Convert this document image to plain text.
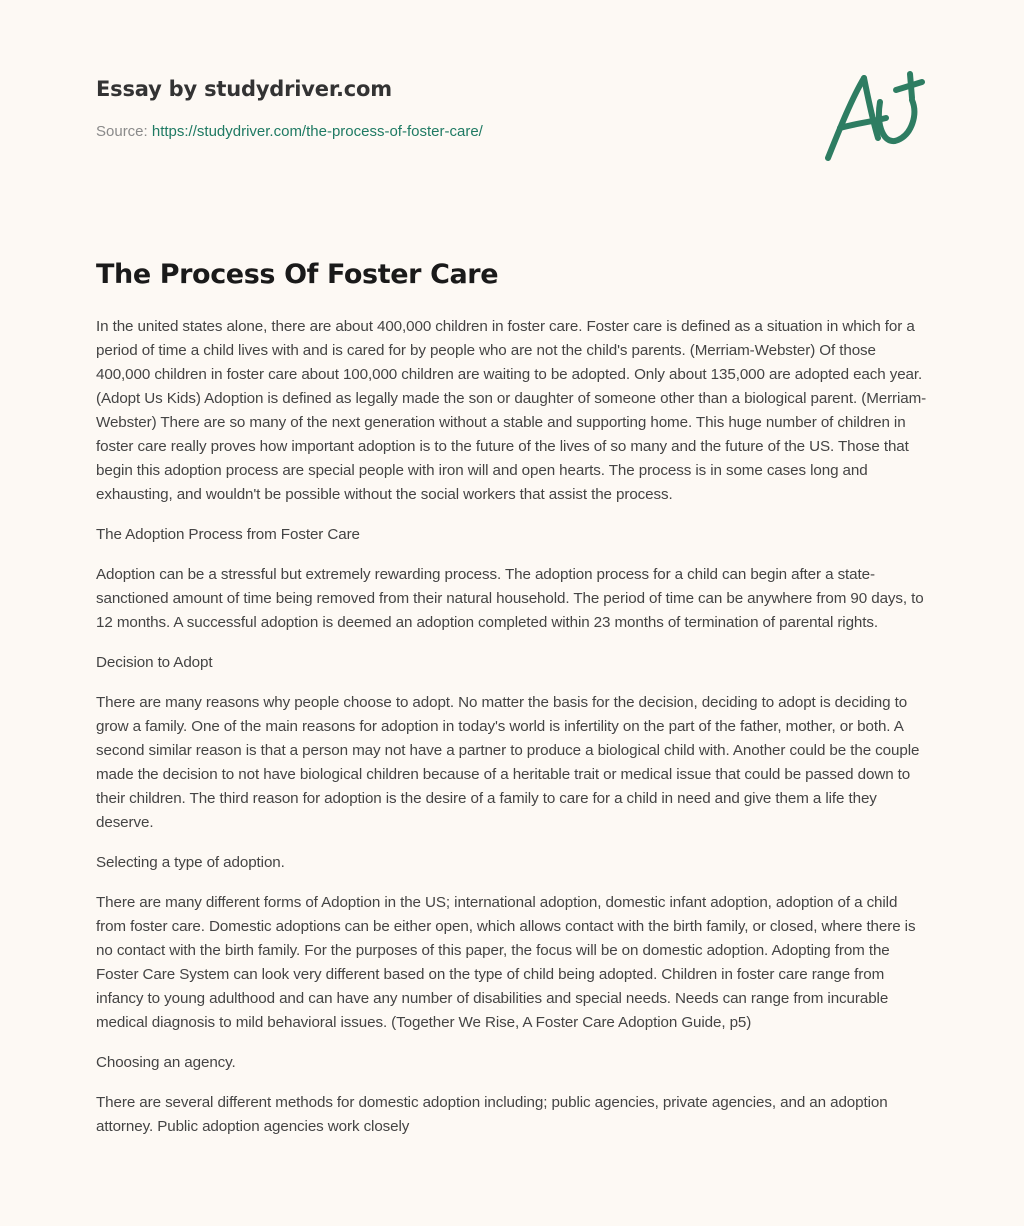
Essay by studydriver.com
Source: https://studydriver.com/the-process-of-foster-care/
The Process Of Foster Care

In the united states alone, there are about 400,000 children in foster care. Foster care is defined as a situation in which for a period of time a child lives with and is cared for by people who are not the child's parents. (Merriam-Webster) Of those 400,000 children in foster care about 100,000 children are waiting to be adopted. Only about 135,000 are adopted each year. (Adopt Us Kids) Adoption is defined as legally made the son or daughter of someone other than a biological parent. (Merriam-Webster) There are so many of the next generation without a stable and supporting home. This huge number of children in foster care really proves how important adoption is to the future of the lives of so many and the future of the US. Those that begin this adoption process are special people with iron will and open hearts. The process is in some cases long and exhausting, and wouldn't be possible without the social workers that assist the process.

The Adoption Process from Foster Care

Adoption can be a stressful but extremely rewarding process. The adoption process for a child can begin after a state-sanctioned amount of time being removed from their natural household. The period of time can be anywhere from 90 days, to 12 months. A successful adoption is deemed an adoption completed within 23 months of termination of parental rights.

Decision to Adopt

There are many reasons why people choose to adopt. No matter the basis for the decision, deciding to adopt is deciding to grow a family. One of the main reasons for adoption in today's world is infertility on the part of the father, mother, or both. A second similar reason is that a person may not have a partner to produce a biological child with. Another could be the couple made the decision to not have biological children because of a heritable trait or medical issue that could be passed down to their children. The third reason for adoption is the desire of a family to care for a child in need and give them a life they deserve.

Selecting a type of adoption.

There are many different forms of Adoption in the US; international adoption, domestic infant adoption, adoption of a child from foster care. Domestic adoptions can be either open, which allows contact with the birth family, or closed, where there is no contact with the birth family. For the purposes of this paper, the focus will be on domestic adoption. Adopting from the Foster Care System can look very different based on the type of child being adopted. Children in foster care range from infancy to young adulthood and can have any number of disabilities and special needs. Needs can range from incurable medical diagnosis to mild behavioral issues. (Together We Rise, A Foster Care Adoption Guide, p5)

Choosing an agency.

There are several different methods for domestic adoption including; public agencies, private agencies, and an adoption attorney. Public adoption agencies work closely
